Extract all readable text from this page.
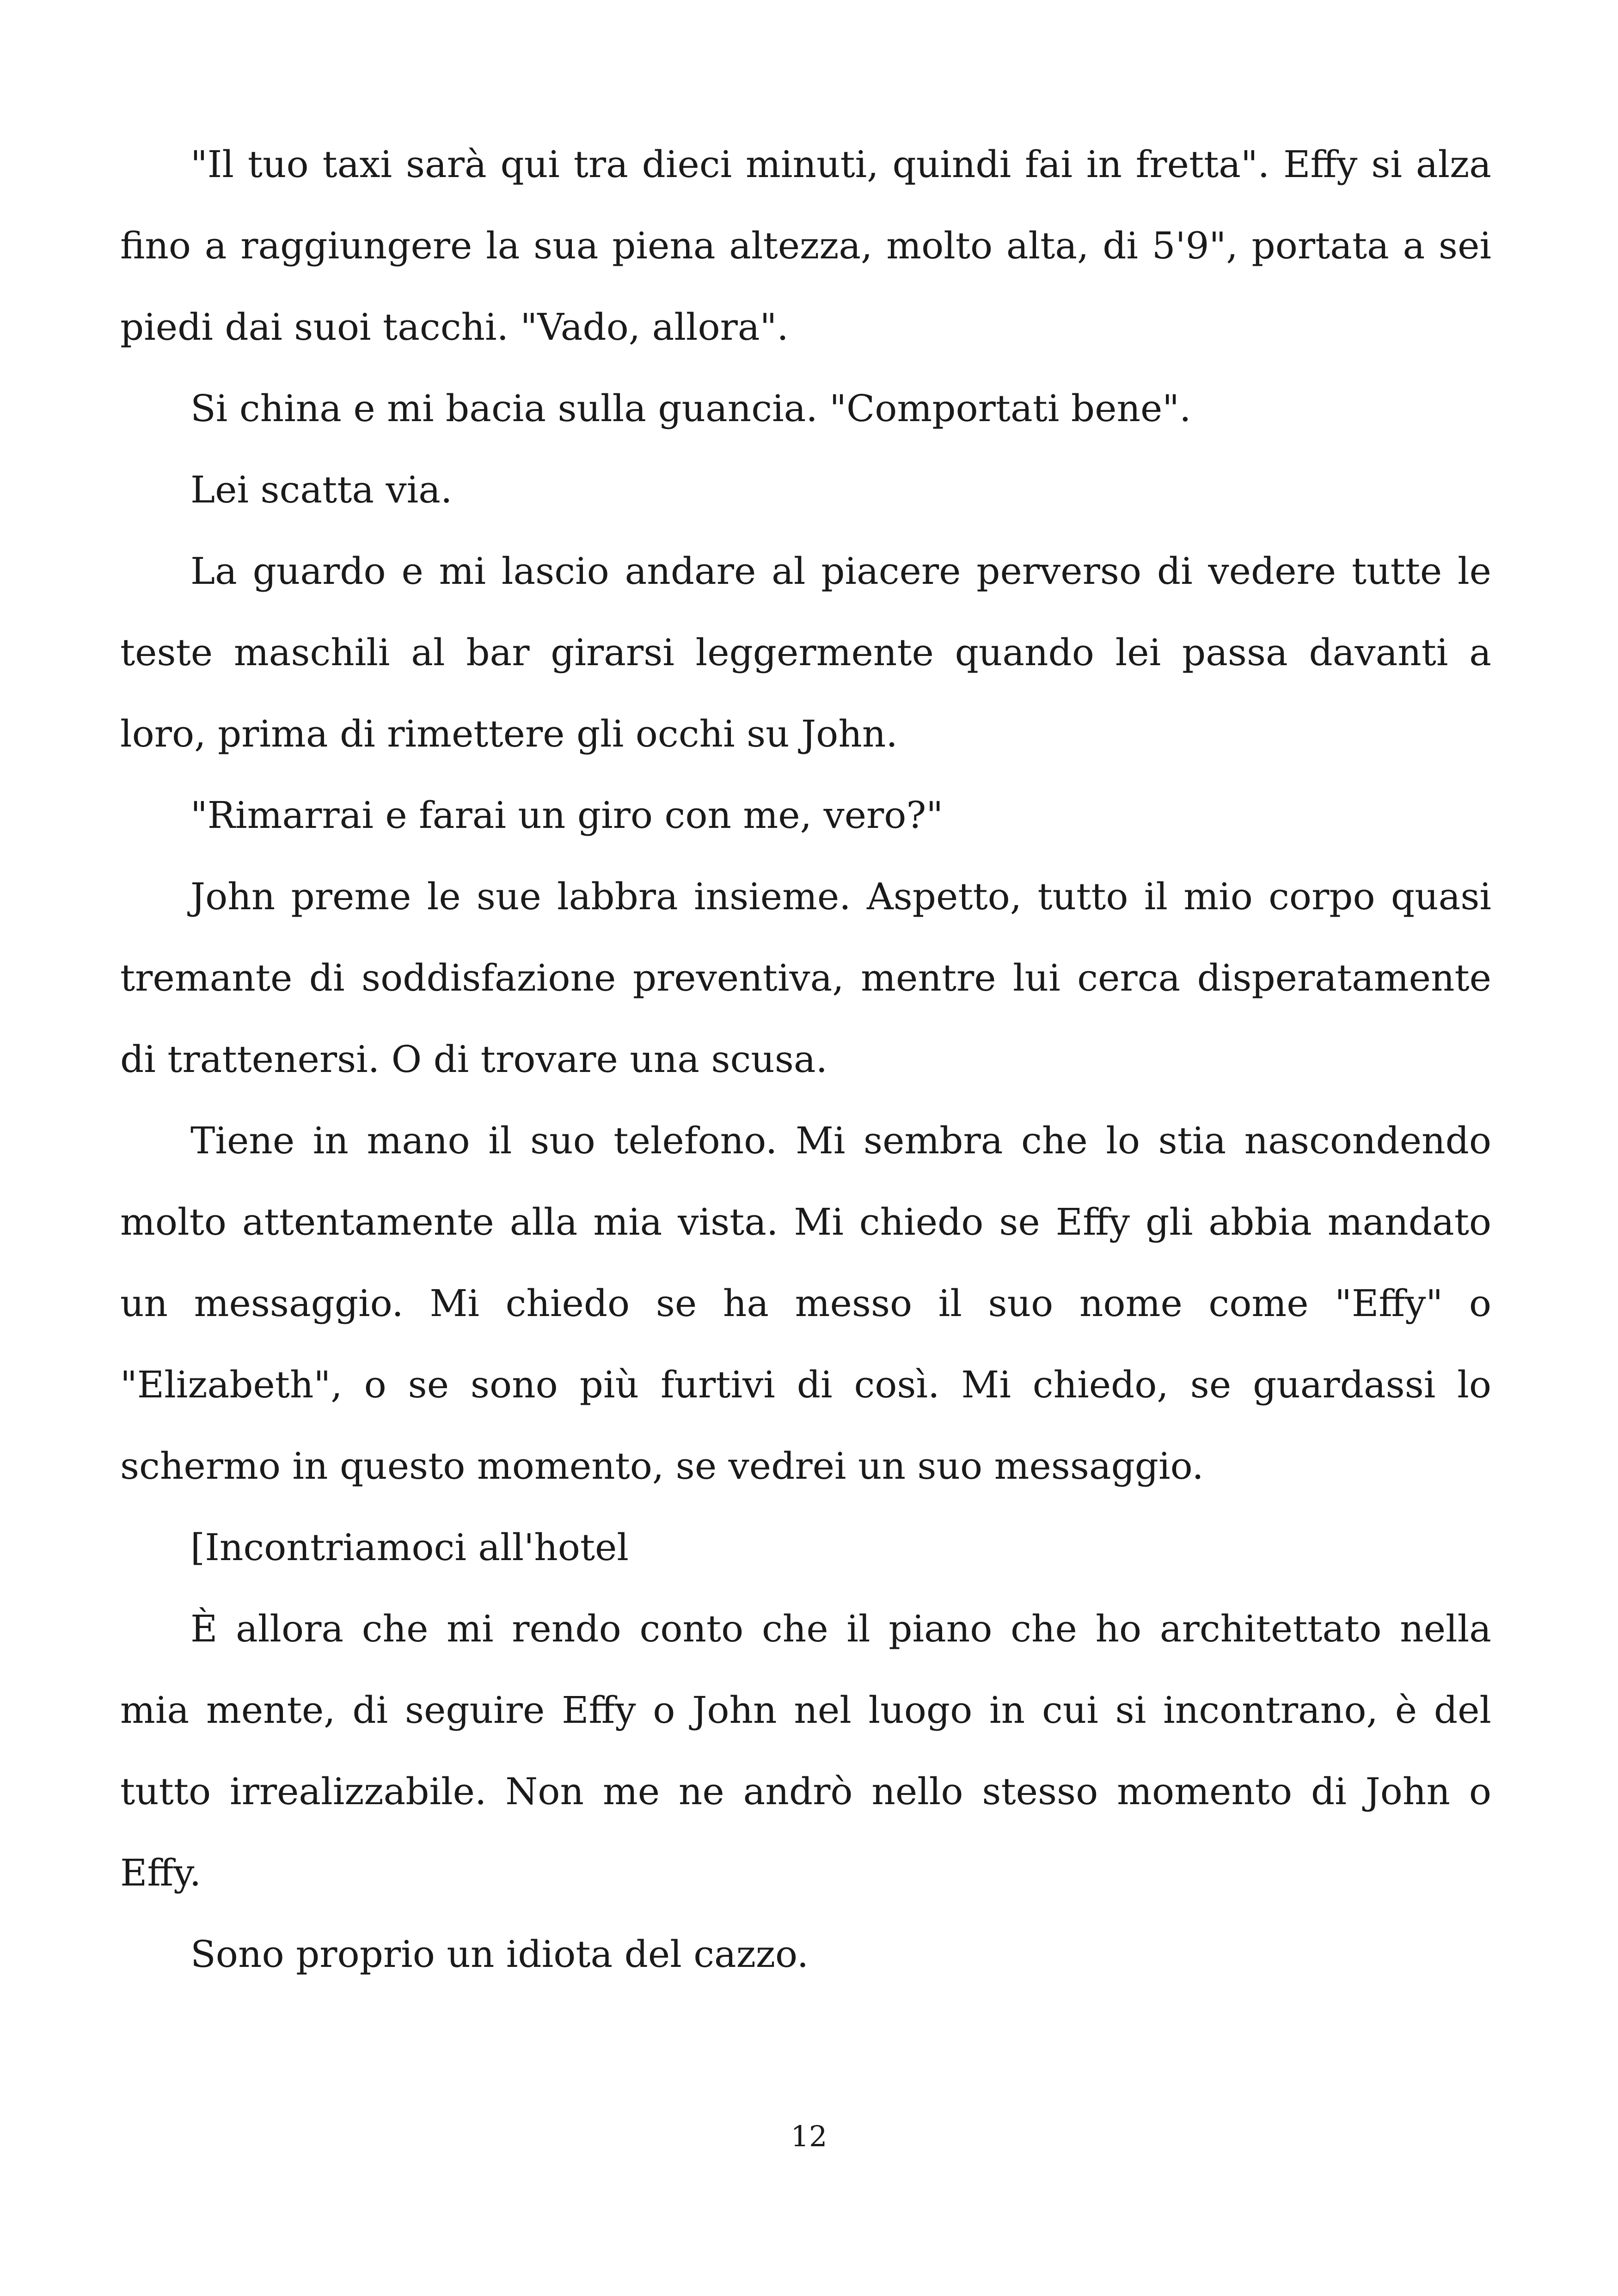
"Il tuo taxi sarà qui tra dieci minuti, quindi fai in fretta". Effy si alza fino a raggiungere la sua piena altezza, molto alta, di 5'9", portata a sei piedi dai suoi tacchi. "Vado, allora".

Si china e mi bacia sulla guancia. "Comportati bene".

Lei scatta via.

La guardo e mi lascio andare al piacere perverso di vedere tutte le teste maschili al bar girarsi leggermente quando lei passa davanti a loro, prima di rimettere gli occhi su John.

"Rimarrai e farai un giro con me, vero?"

John preme le sue labbra insieme. Aspetto, tutto il mio corpo quasi tremante di soddisfazione preventiva, mentre lui cerca disperatamente di trattenersi. O di trovare una scusa.

Tiene in mano il suo telefono. Mi sembra che lo stia nascondendo molto attentamente alla mia vista. Mi chiedo se Effy gli abbia mandato un messaggio. Mi chiedo se ha messo il suo nome come "Effy" o "Elizabeth", o se sono più furtivi di così. Mi chiedo, se guardassi lo schermo in questo momento, se vedrei un suo messaggio.

[Incontriamoci all'hotel

È allora che mi rendo conto che il piano che ho architettato nella mia mente, di seguire Effy o John nel luogo in cui si incontrano, è del tutto irrealizzabile. Non me ne andrò nello stesso momento di John o Effy.

Sono proprio un idiota del cazzo.

12
